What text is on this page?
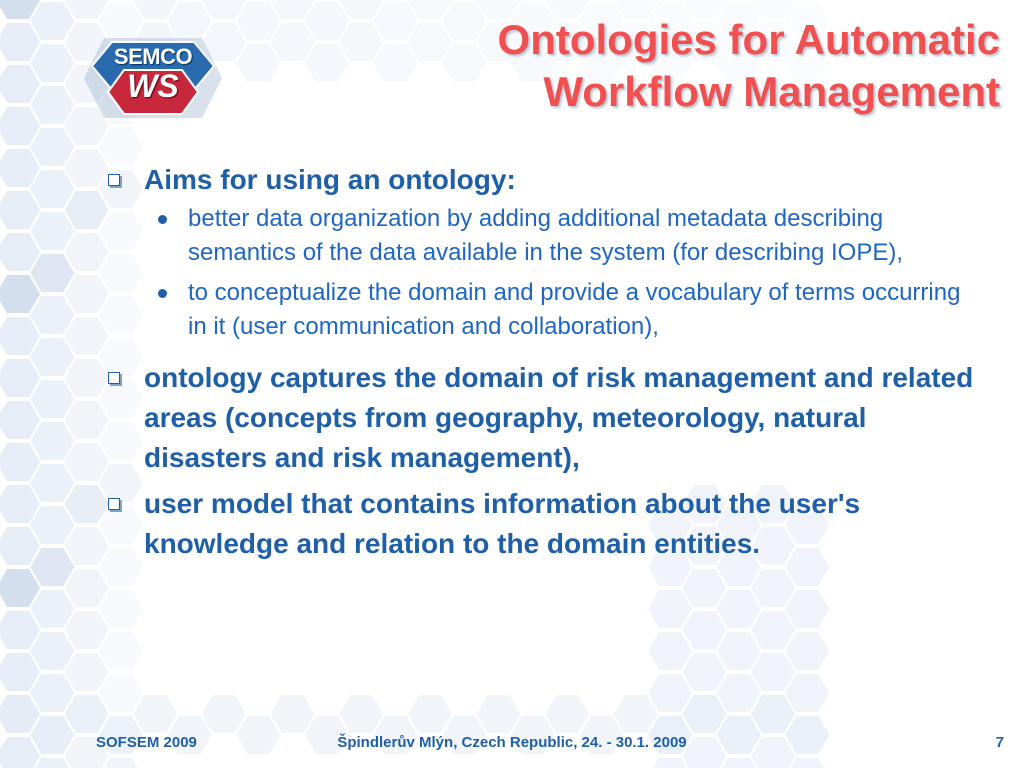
SEMCO
WS
Ontologies for Automatic
Workflow Management
Aims for using an ontology:
better data organization by adding additional metadata describing semantics of the data available in the system (for describing IOPE),
to conceptualize the domain and provide a vocabulary of terms occurring in it (user communication and collaboration),
ontology captures the domain of risk management and related areas (concepts from geography, meteorology, natural disasters and risk management),
user model that contains information about the user's knowledge and relation to the domain entities.
SOFSEM 2009	Špindlerův Mlýn, Czech Republic, 24. - 30.1. 2009	7
